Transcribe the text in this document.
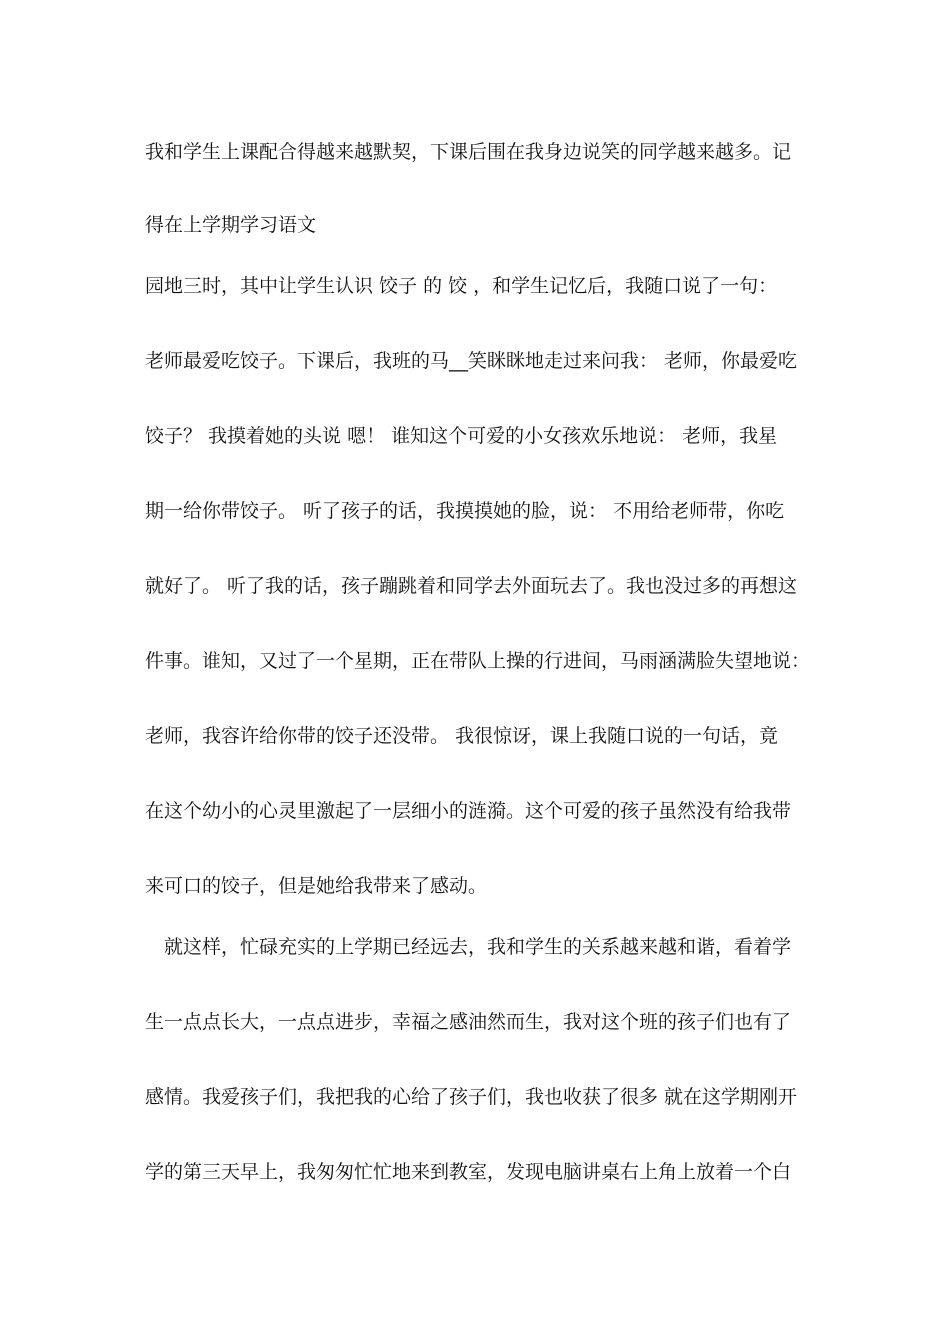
我和学生上课配合得越来越默契，下课后围在我身边说笑的同学越来越多。记
得在上学期学习语文
园地三时，其中让学生认识 饺子 的 饺 ，和学生记忆后，我随口说了一句：
老师最爱吃饺子。下课后，我班的马__笑眯眯地走过来问我： 老师，你最爱吃
饺子？ 我摸着她的头说 嗯！ 谁知这个可爱的小女孩欢乐地说： 老师，我星
期一给你带饺子。 听了孩子的话，我摸摸她的脸，说： 不用给老师带，你吃
就好了。 听了我的话，孩子蹦跳着和同学去外面玩去了。我也没过多的再想这
件事。谁知，又过了一个星期，正在带队上操的行进间，马雨涵满脸失望地说：
老师，我容许给你带的饺子还没带。 我很惊讶，课上我随口说的一句话，竟
在这个幼小的心灵里激起了一层细小的涟漪。这个可爱的孩子虽然没有给我带
来可口的饺子，但是她给我带来了感动。
　就这样，忙碌充实的上学期已经远去，我和学生的关系越来越和谐，看着学
生一点点长大，一点点进步，幸福之感油然而生，我对这个班的孩子们也有了
感情。我爱孩子们，我把我的心给了孩子们，我也收获了很多 就在这学期刚开
学的第三天早上，我匆匆忙忙地来到教室，发现电脑讲桌右上角上放着一个白
